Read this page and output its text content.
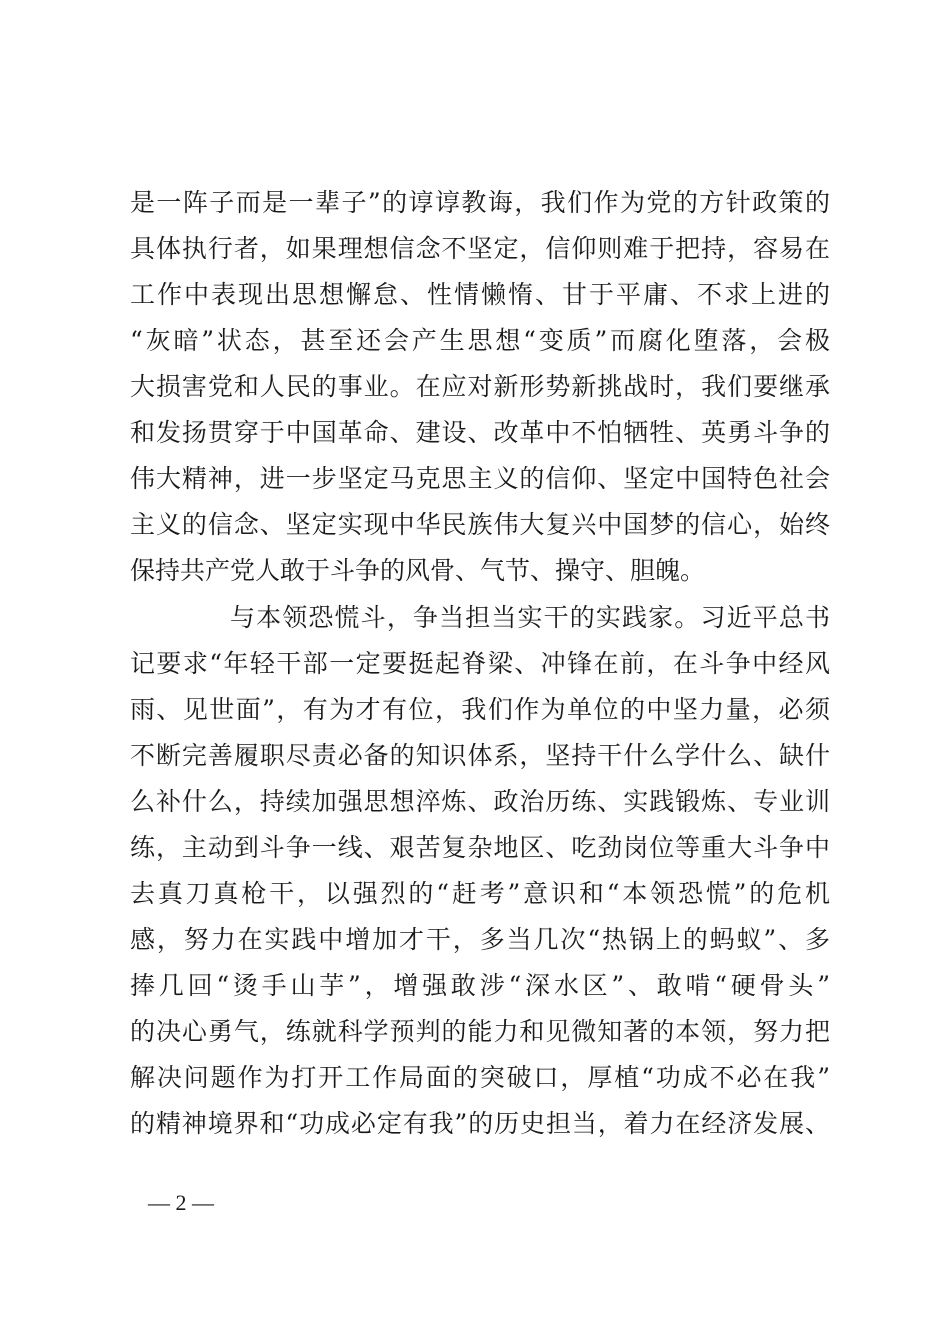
是一阵子而是一辈子”的谆谆教诲，我们作为党的方针政策的
具体执行者，如果理想信念不坚定，信仰则难于把持，容易在
工作中表现出思想懈怠、性情懒惰、甘于平庸、不求上进的
“灰暗”状态，甚至还会产生思想“变质”而腐化堕落，会极
大损害党和人民的事业。在应对新形势新挑战时，我们要继承
和发扬贯穿于中国革命、建设、改革中不怕牺牲、英勇斗争的
伟大精神，进一步坚定马克思主义的信仰、坚定中国特色社会
主义的信念、坚定实现中华民族伟大复兴中国梦的信心，始终
保持共产党人敢于斗争的风骨、气节、操守、胆魄。
与本领恐慌斗，争当担当实干的实践家。习近平总书
记要求“年轻干部一定要挺起脊梁、冲锋在前，在斗争中经风
雨、见世面”，有为才有位，我们作为单位的中坚力量，必须
不断完善履职尽责必备的知识体系，坚持干什么学什么、缺什
么补什么，持续加强思想淬炼、政治历练、实践锻炼、专业训
练，主动到斗争一线、艰苦复杂地区、吃劲岗位等重大斗争中
去真刀真枪干，以强烈的“赶考”意识和“本领恐慌”的危机
感，努力在实践中增加才干，多当几次“热锅上的蚂蚁”、多
捧几回“烫手山芋”，增强敢涉“深水区”、敢啃“硬骨头”
的决心勇气，练就科学预判的能力和见微知著的本领，努力把
解决问题作为打开工作局面的突破口，厚植“功成不必在我”
的精神境界和“功成必定有我”的历史担当，着力在经济发展、
— 2 —
